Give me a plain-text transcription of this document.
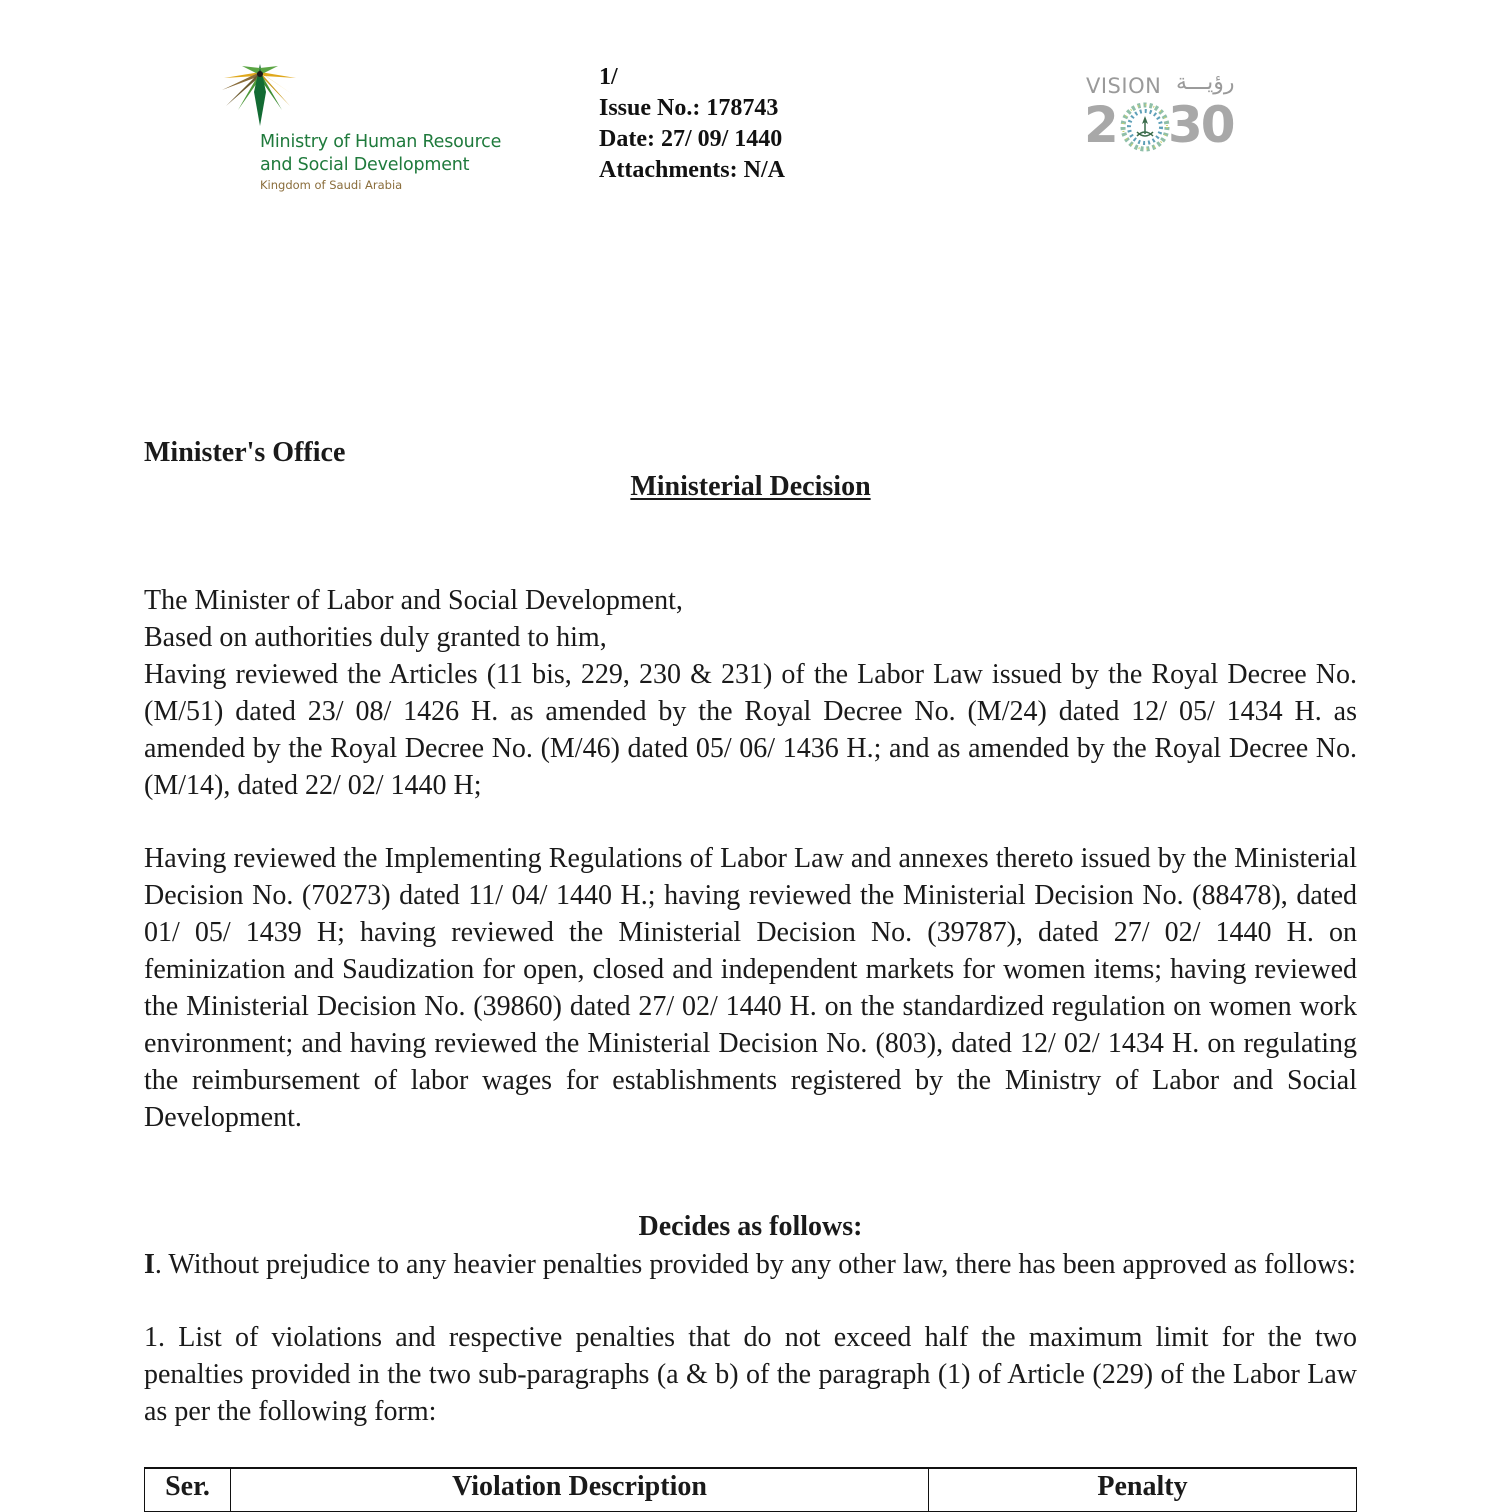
Ministry of Human Resource
and Social Development
Kingdom of Saudi Arabia
1/
Issue No.: 178743
Date: 27/ 09/ 1440
Attachments: N/A
VISION رؤيـــة
2 30
Minister's Office
Ministerial Decision
The Minister of Labor and Social Development,
Based on authorities duly granted to him,
Having reviewed the Articles (11 bis, 229, 230 & 231) of the Labor Law issued by the Royal Decree No. (M/51) dated 23/ 08/ 1426 H. as amended by the Royal Decree No. (M/24) dated 12/ 05/ 1434 H. as amended by the Royal Decree No. (M/46) dated 05/ 06/ 1436 H.; and as amended by the Royal Decree No. (M/14), dated 22/ 02/ 1440 H;
Having reviewed the Implementing Regulations of Labor Law and annexes thereto issued by the Ministerial Decision No. (70273) dated 11/ 04/ 1440 H.; having reviewed the Ministerial Decision No. (88478), dated 01/ 05/ 1439 H; having reviewed the Ministerial Decision No. (39787), dated 27/ 02/ 1440 H. on feminization and Saudization for open, closed and independent markets for women items; having reviewed the Ministerial Decision No. (39860) dated 27/ 02/ 1440 H. on the standardized regulation on women work environment; and having reviewed the Ministerial Decision No. (803), dated 12/ 02/ 1434 H. on regulating the reimbursement of labor wages for establishments registered by the Ministry of Labor and Social Development.
Decides as follows:
I. Without prejudice to any heavier penalties provided by any other law, there has been approved as follows:
1. List of violations and respective penalties that do not exceed half the maximum limit for the two penalties provided in the two sub-paragraphs (a & b) of the paragraph (1) of Article (229) of the Labor Law as per the following form:
Ser.	Violation Description	Penalty
